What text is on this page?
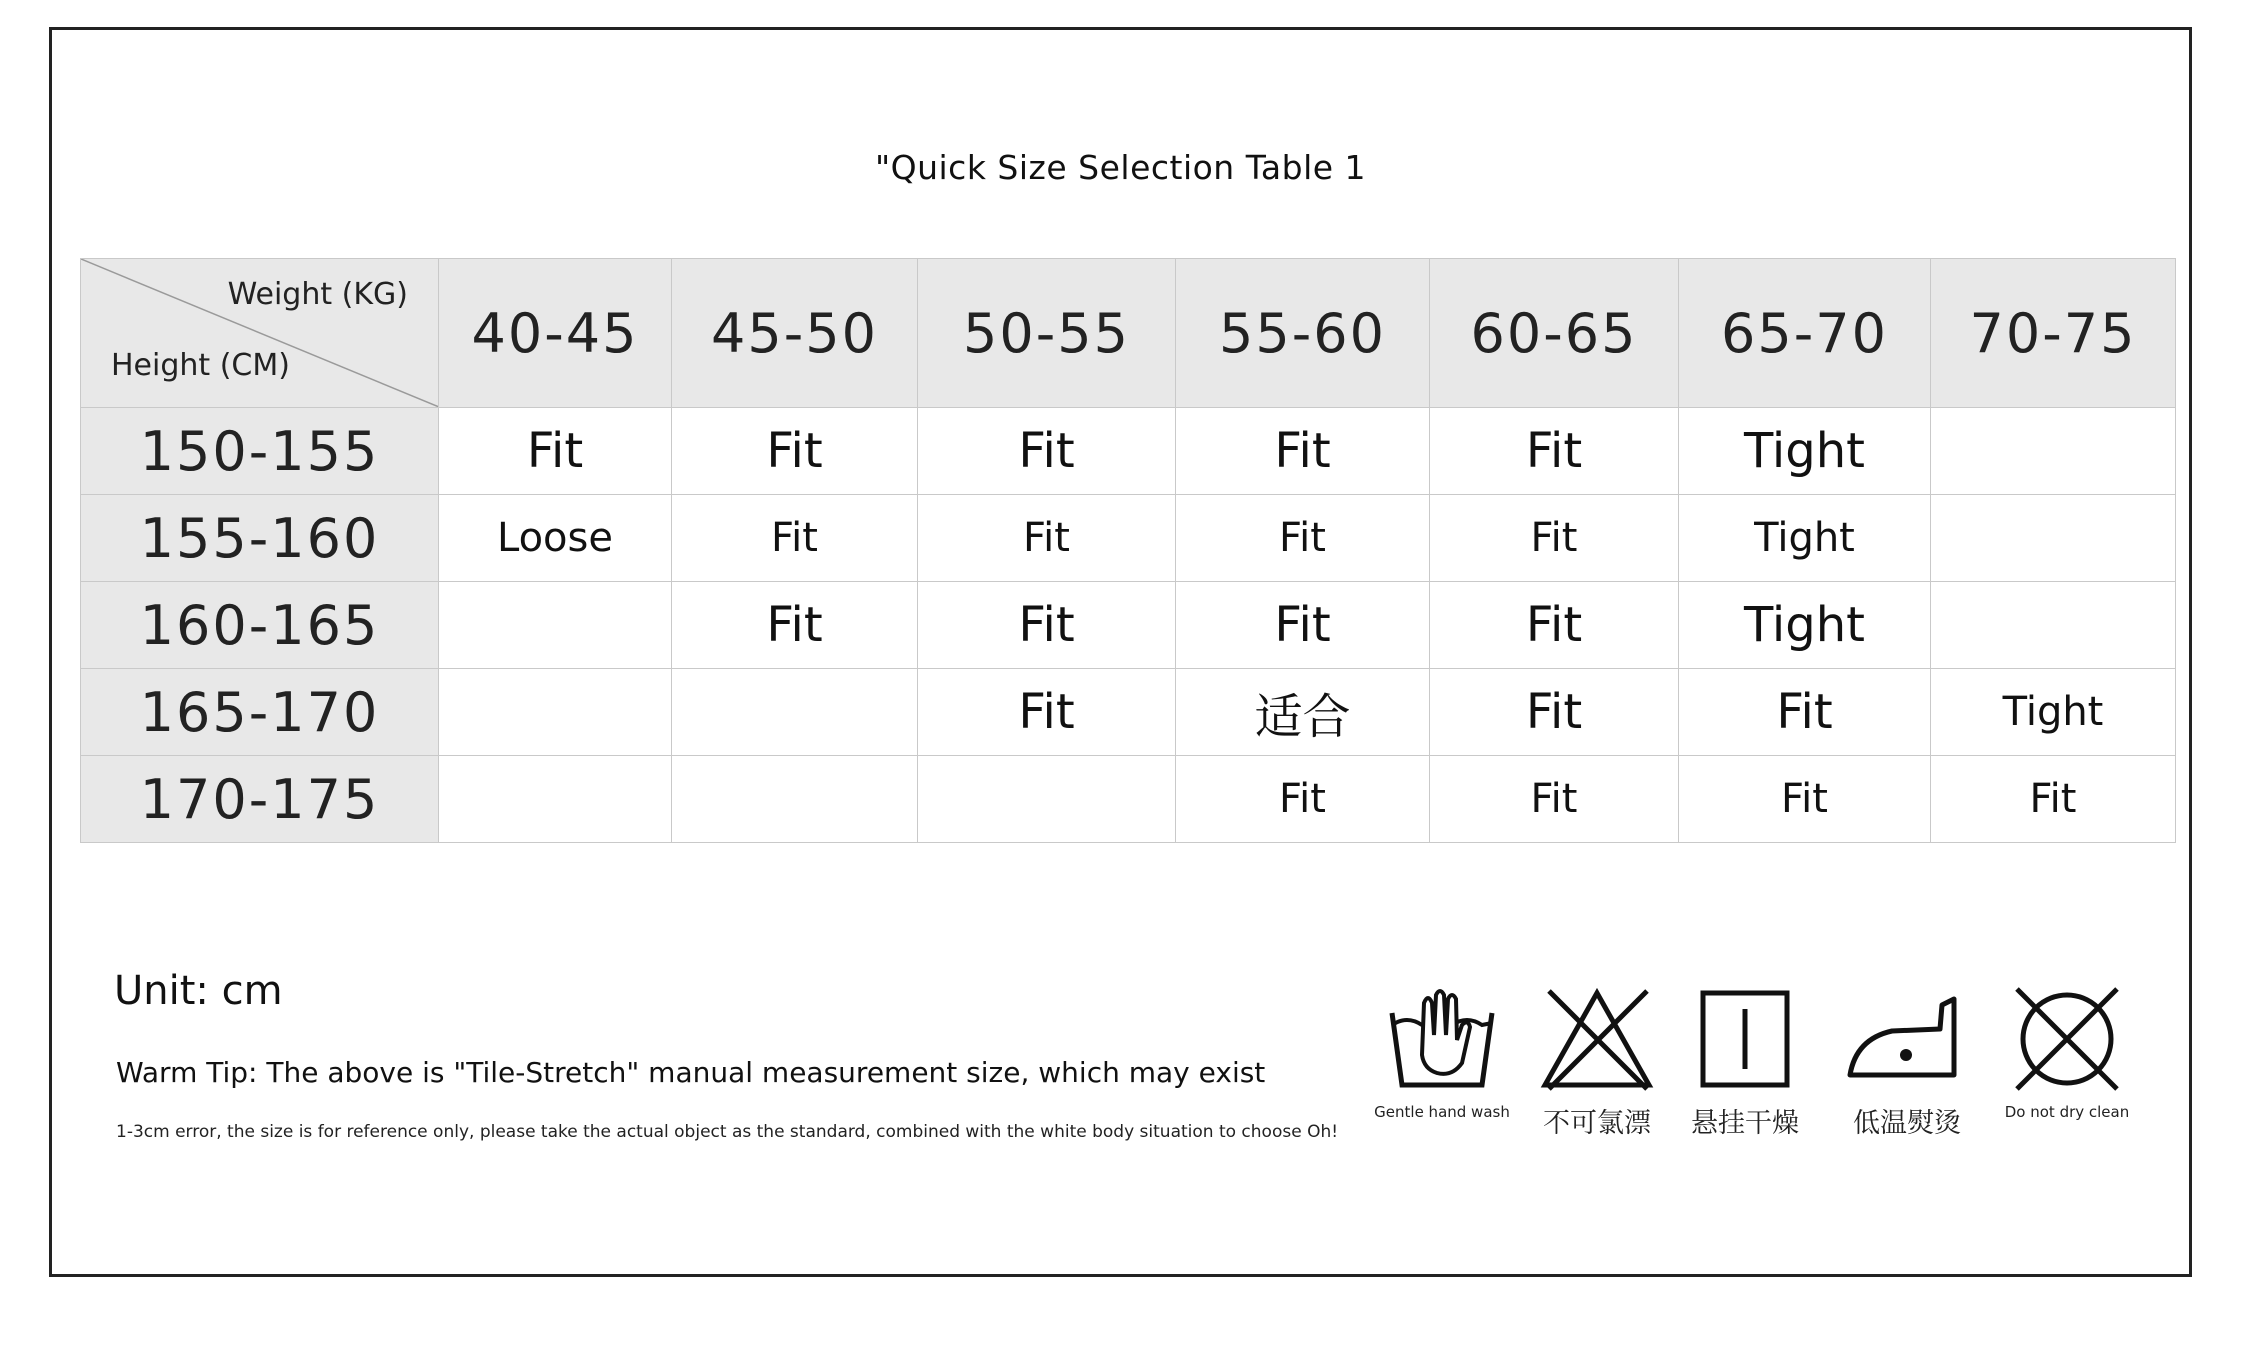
"Quick Size Selection Table 1
Weight (KG)
Height (CM)	40-45	45-50	50-55	55-60	60-65	65-70	70-75
150-155	Fit	Fit	Fit	Fit	Fit	Tight	
155-160	Loose	Fit	Fit	Fit	Fit	Tight	
160-165		Fit	Fit	Fit	Fit	Tight	
165-170			Fit	适合	Fit	Fit	Tight
170-175				Fit	Fit	Fit	Fit
Unit: cm
Warm Tip: The above is "Tile-Stretch" manual measurement size, which may exist
1-3cm error, the size is for reference only, please take the actual object as the standard, combined with the white body situation to choose Oh!
Gentle hand wash	不可氯漂	悬挂干燥	低温熨烫	Do not dry clean
